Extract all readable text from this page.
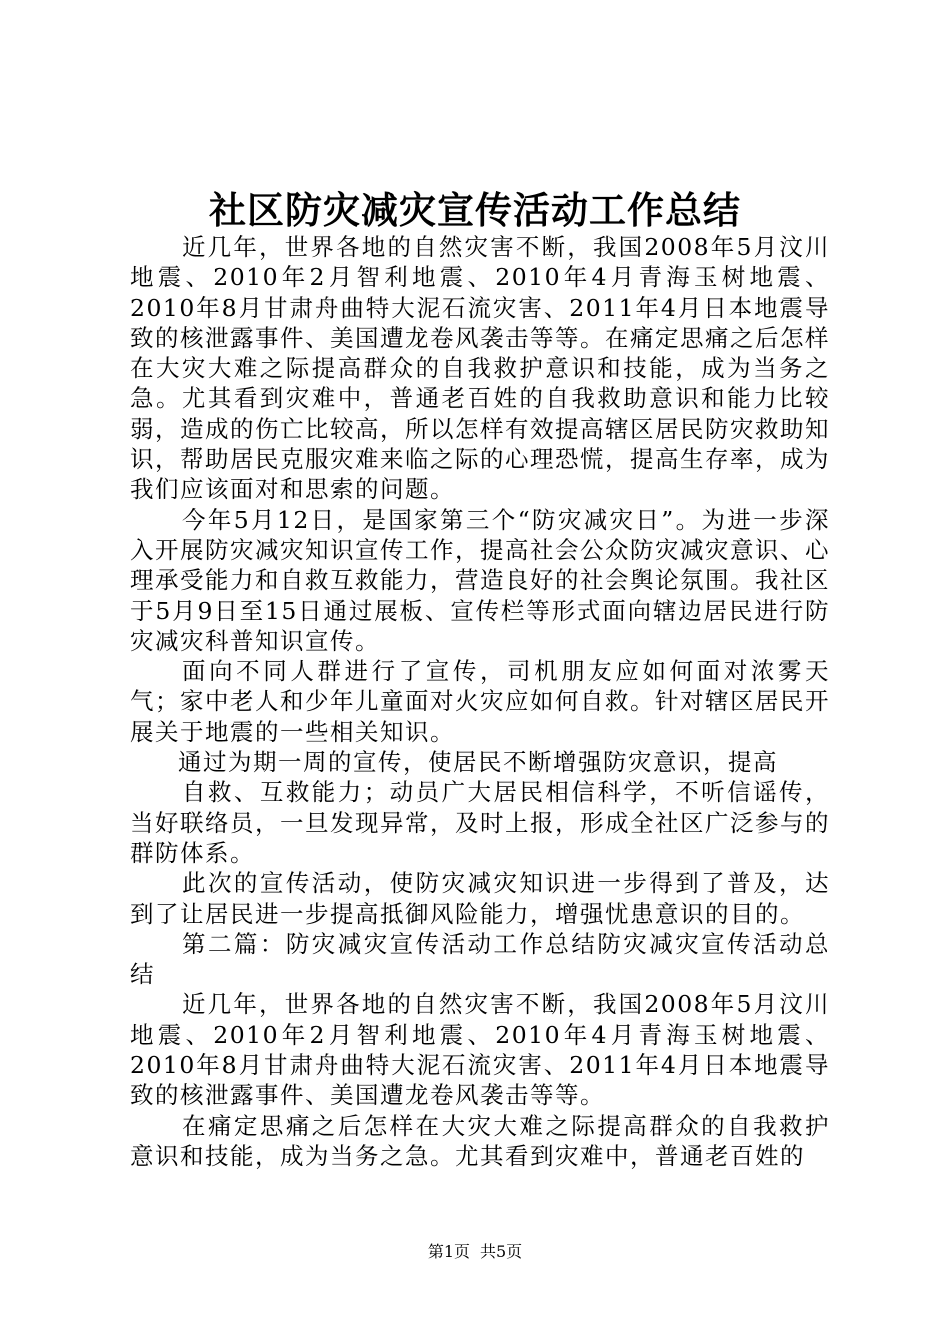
社区防灾减灾宣传活动工作总结

近几年，世界各地的自然灾害不断，我国2008年5月汶川地震、2010年2月智利地震、2010年4月青海玉树地震、2010年8月甘肃舟曲特大泥石流灾害、2011年4月日本地震导致的核泄露事件、美国遭龙卷风袭击等等。在痛定思痛之后怎样在大灾大难之际提高群众的自我救护意识和技能，成为当务之急。尤其看到灾难中，普通老百姓的自我救助意识和能力比较弱，造成的伤亡比较高，所以怎样有效提高辖区居民防灾救助知识，帮助居民克服灾难来临之际的心理恐慌，提高生存率，成为我们应该面对和思索的问题。

今年5月12日，是国家第三个“防灾减灾日”。为进一步深入开展防灾减灾知识宣传工作，提高社会公众防灾减灾意识、心理承受能力和自救互救能力，营造良好的社会舆论氛围。我社区于5月9日至15日通过展板、宣传栏等形式面向辖边居民进行防灾减灾科普知识宣传。

面向不同人群进行了宣传，司机朋友应如何面对浓雾天气；家中老人和少年儿童面对火灾应如何自救。针对辖区居民开展关于地震的一些相关知识。

通过为期一周的宣传，使居民不断增强防灾意识，提高

自救、互救能力；动员广大居民相信科学，不听信谣传，当好联络员，一旦发现异常，及时上报，形成全社区广泛参与的群防体系。

此次的宣传活动，使防灾减灾知识进一步得到了普及，达到了让居民进一步提高抵御风险能力，增强忧患意识的目的。

第二篇：防灾减灾宣传活动工作总结防灾减灾宣传活动总结

近几年，世界各地的自然灾害不断，我国2008年5月汶川地震、2010年2月智利地震、2010年4月青海玉树地震、2010年8月甘肃舟曲特大泥石流灾害、2011年4月日本地震导致的核泄露事件、美国遭龙卷风袭击等等。

在痛定思痛之后怎样在大灾大难之际提高群众的自我救护意识和技能，成为当务之急。尤其看到灾难中，普通老百姓的

第1页 共5页
